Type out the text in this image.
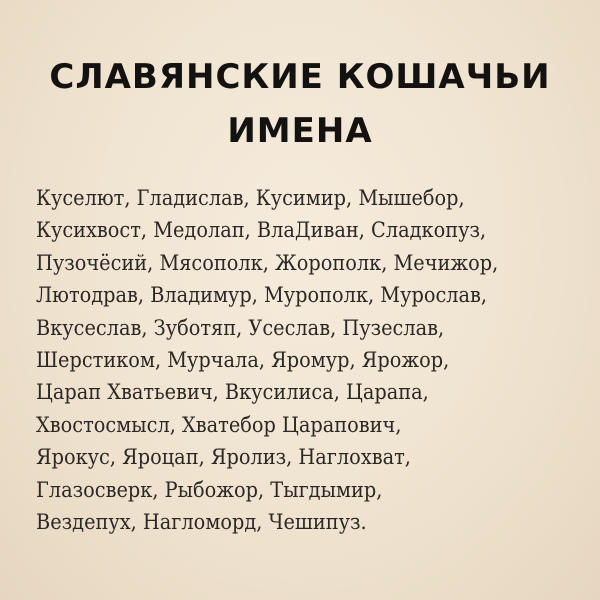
СЛАВЯНСКИЕ КОШАЧЬИ
ИМЕНА
Куселют, Гладислав, Кусимир, Мышебор,
Кусихвост, Медолап, ВлаДиван, Сладкопуз,
Пузочёсий, Мясополк, Жорополк, Мечижор,
Лютодрав, Владимур, Мурополк, Мурослав,
Вкусеслав, Зуботяп, Усеслав, Пузеслав,
Шерстиком, Мурчала, Яромур, Ярожор,
Царап Хватьевич, Вкусилиса, Царапа,
Хвостосмысл, Хватебор Царапович,
Ярокус, Яроцап, Яролиз, Наглохват,
Глазосверк, Рыбожор, Тыгдымир,
Вездепух, Нагломорд, Чешипуз.
